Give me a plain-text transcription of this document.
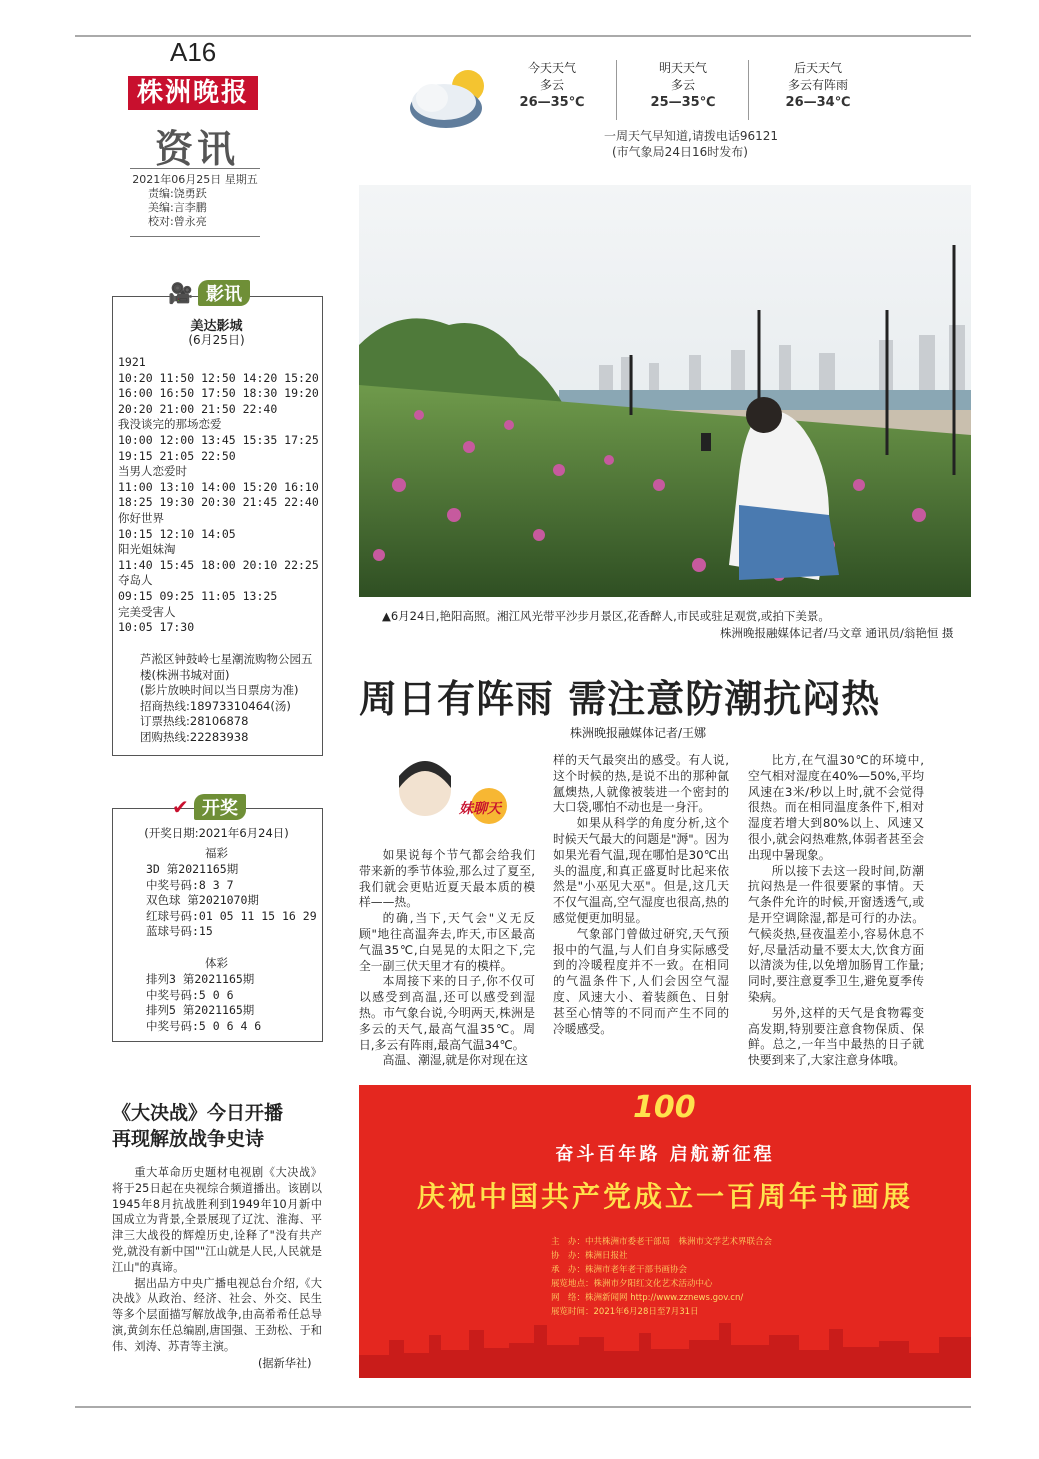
A16
株洲晚报
资讯
2021年06月25日 星期五
责编:饶勇跃
美编:言李鹏
校对:曾永亮
今天天气
多云
26—35℃
明天天气
多云
25—35℃
后天天气
多云有阵雨
26—34℃
一周天气早知道,请拨电话96121
(市气象局24日16时发布)
🎥 影讯
美达影城
(6月25日)
1921
10:20 11:50 12:50 14:20 15:20
16:00 16:50 17:50 18:30 19:20
20:20 21:00 21:50 22:40
我没谈完的那场恋爱
10:00 12:00 13:45 15:35 17:25
19:15 21:05 22:50
当男人恋爱时
11:00 13:10 14:00 15:20 16:10
18:25 19:30 20:30 21:45 22:40
你好世界
10:15 12:10 14:05
阳光姐妹淘
11:40 15:45 18:00 20:10 22:25
夺岛人
09:15 09:25 11:05 13:25
完美受害人
10:05 17:30
芦淞区钟鼓岭七星潮流购物公园五楼(株洲书城对面)
(影片放映时间以当日票房为准)
招商热线:18973310464(汤)
订票热线:28106878
团购热线:22283938
✔ 开奖
(开奖日期:2021年6月24日)
福彩
3D 第2021165期
中奖号码:8 3 7
双色球 第2021070期
红球号码:01 05 11 15 16 29
蓝球号码:15
体彩
排列3 第2021165期
中奖号码:5 0 6
排列5 第2021165期
中奖号码:5 0 6 4 6
《大决战》今日开播
再现解放战争史诗
重大革命历史题材电视剧《大决战》将于25日起在央视综合频道播出。该剧以1945年8月抗战胜利到1949年10月新中国成立为背景,全景展现了辽沈、淮海、平津三大战役的辉煌历史,诠释了"没有共产党,就没有新中国""江山就是人民,人民就是江山"的真谛。
据出品方中央广播电视总台介绍,《大决战》从政治、经济、社会、外交、民生等多个层面描写解放战争,由高希希任总导演,黄剑东任总编剧,唐国强、王劲松、于和伟、刘涛、苏青等主演。
(据新华社)
▲6月24日,艳阳高照。湘江风光带平沙步月景区,花香醉人,市民或驻足观赏,或拍下美景。
株洲晚报融媒体记者/马文章 通讯员/翁艳恒 摄
周日有阵雨 需注意防潮抗闷热
株洲晚报融媒体记者/王娜
妹聊天

如果说每个节气都会给我们带来新的季节体验,那么过了夏至,我们就会更贴近夏天最本质的模样——热。

的确,当下,天气会"义无反顾"地往高温奔去,昨天,市区最高气温35℃,白晃晃的太阳之下,完全一副三伏天里才有的模样。

本周接下来的日子,你不仅可以感受到高温,还可以感受到湿热。市气象台说,今明两天,株洲是多云的天气,最高气温35℃。周日,多云有阵雨,最高气温34℃。

高温、潮湿,就是你对现在这

样的天气最突出的感受。有人说,这个时候的热,是说不出的那种氤氲燠热,人就像被装进一个密封的大口袋,哪怕不动也是一身汗。

如果从科学的角度分析,这个时候天气最大的问题是"溽"。因为如果光看气温,现在哪怕是30℃出头的温度,和真正盛夏时比起来依然是"小巫见大巫"。但是,这几天不仅气温高,空气湿度也很高,热的感觉便更加明显。

气象部门曾做过研究,天气预报中的气温,与人们自身实际感受到的冷暖程度并不一致。在相同的气温条件下,人们会因空气湿度、风速大小、着装颜色、日射甚至心情等的不同而产生不同的冷暖感受。

比方,在气温30℃的环境中,空气相对湿度在40%—50%,平均风速在3米/秒以上时,就不会觉得很热。而在相同温度条件下,相对湿度若增大到80%以上、风速又很小,就会闷热难熬,体弱者甚至会出现中暑现象。

所以接下去这一段时间,防潮抗闷热是一件很要紧的事情。天气条件允许的时候,开窗透透气,或是开空调除湿,都是可行的办法。气候炎热,昼夜温差小,容易休息不好,尽量活动量不要太大,饮食方面以清淡为佳,以免增加肠胃工作量;同时,要注意夏季卫生,避免夏季传染病。

另外,这样的天气是食物霉变高发期,特别要注意食物保质、保鲜。总之,一年当中最热的日子就快要到来了,大家注意身体哦。

100
奋斗百年路 启航新征程
庆祝中国共产党成立一百周年书画展
主　办：中共株洲市委老干部局　株洲市文学艺术界联合会
协　办：株洲日报社
承　办：株洲市老年老干部书画协会
展览地点：株洲市夕阳红文化艺术活动中心
网　络：株洲新闻网 http://www.zznews.gov.cn/
展览时间：2021年6月28日至7月31日
